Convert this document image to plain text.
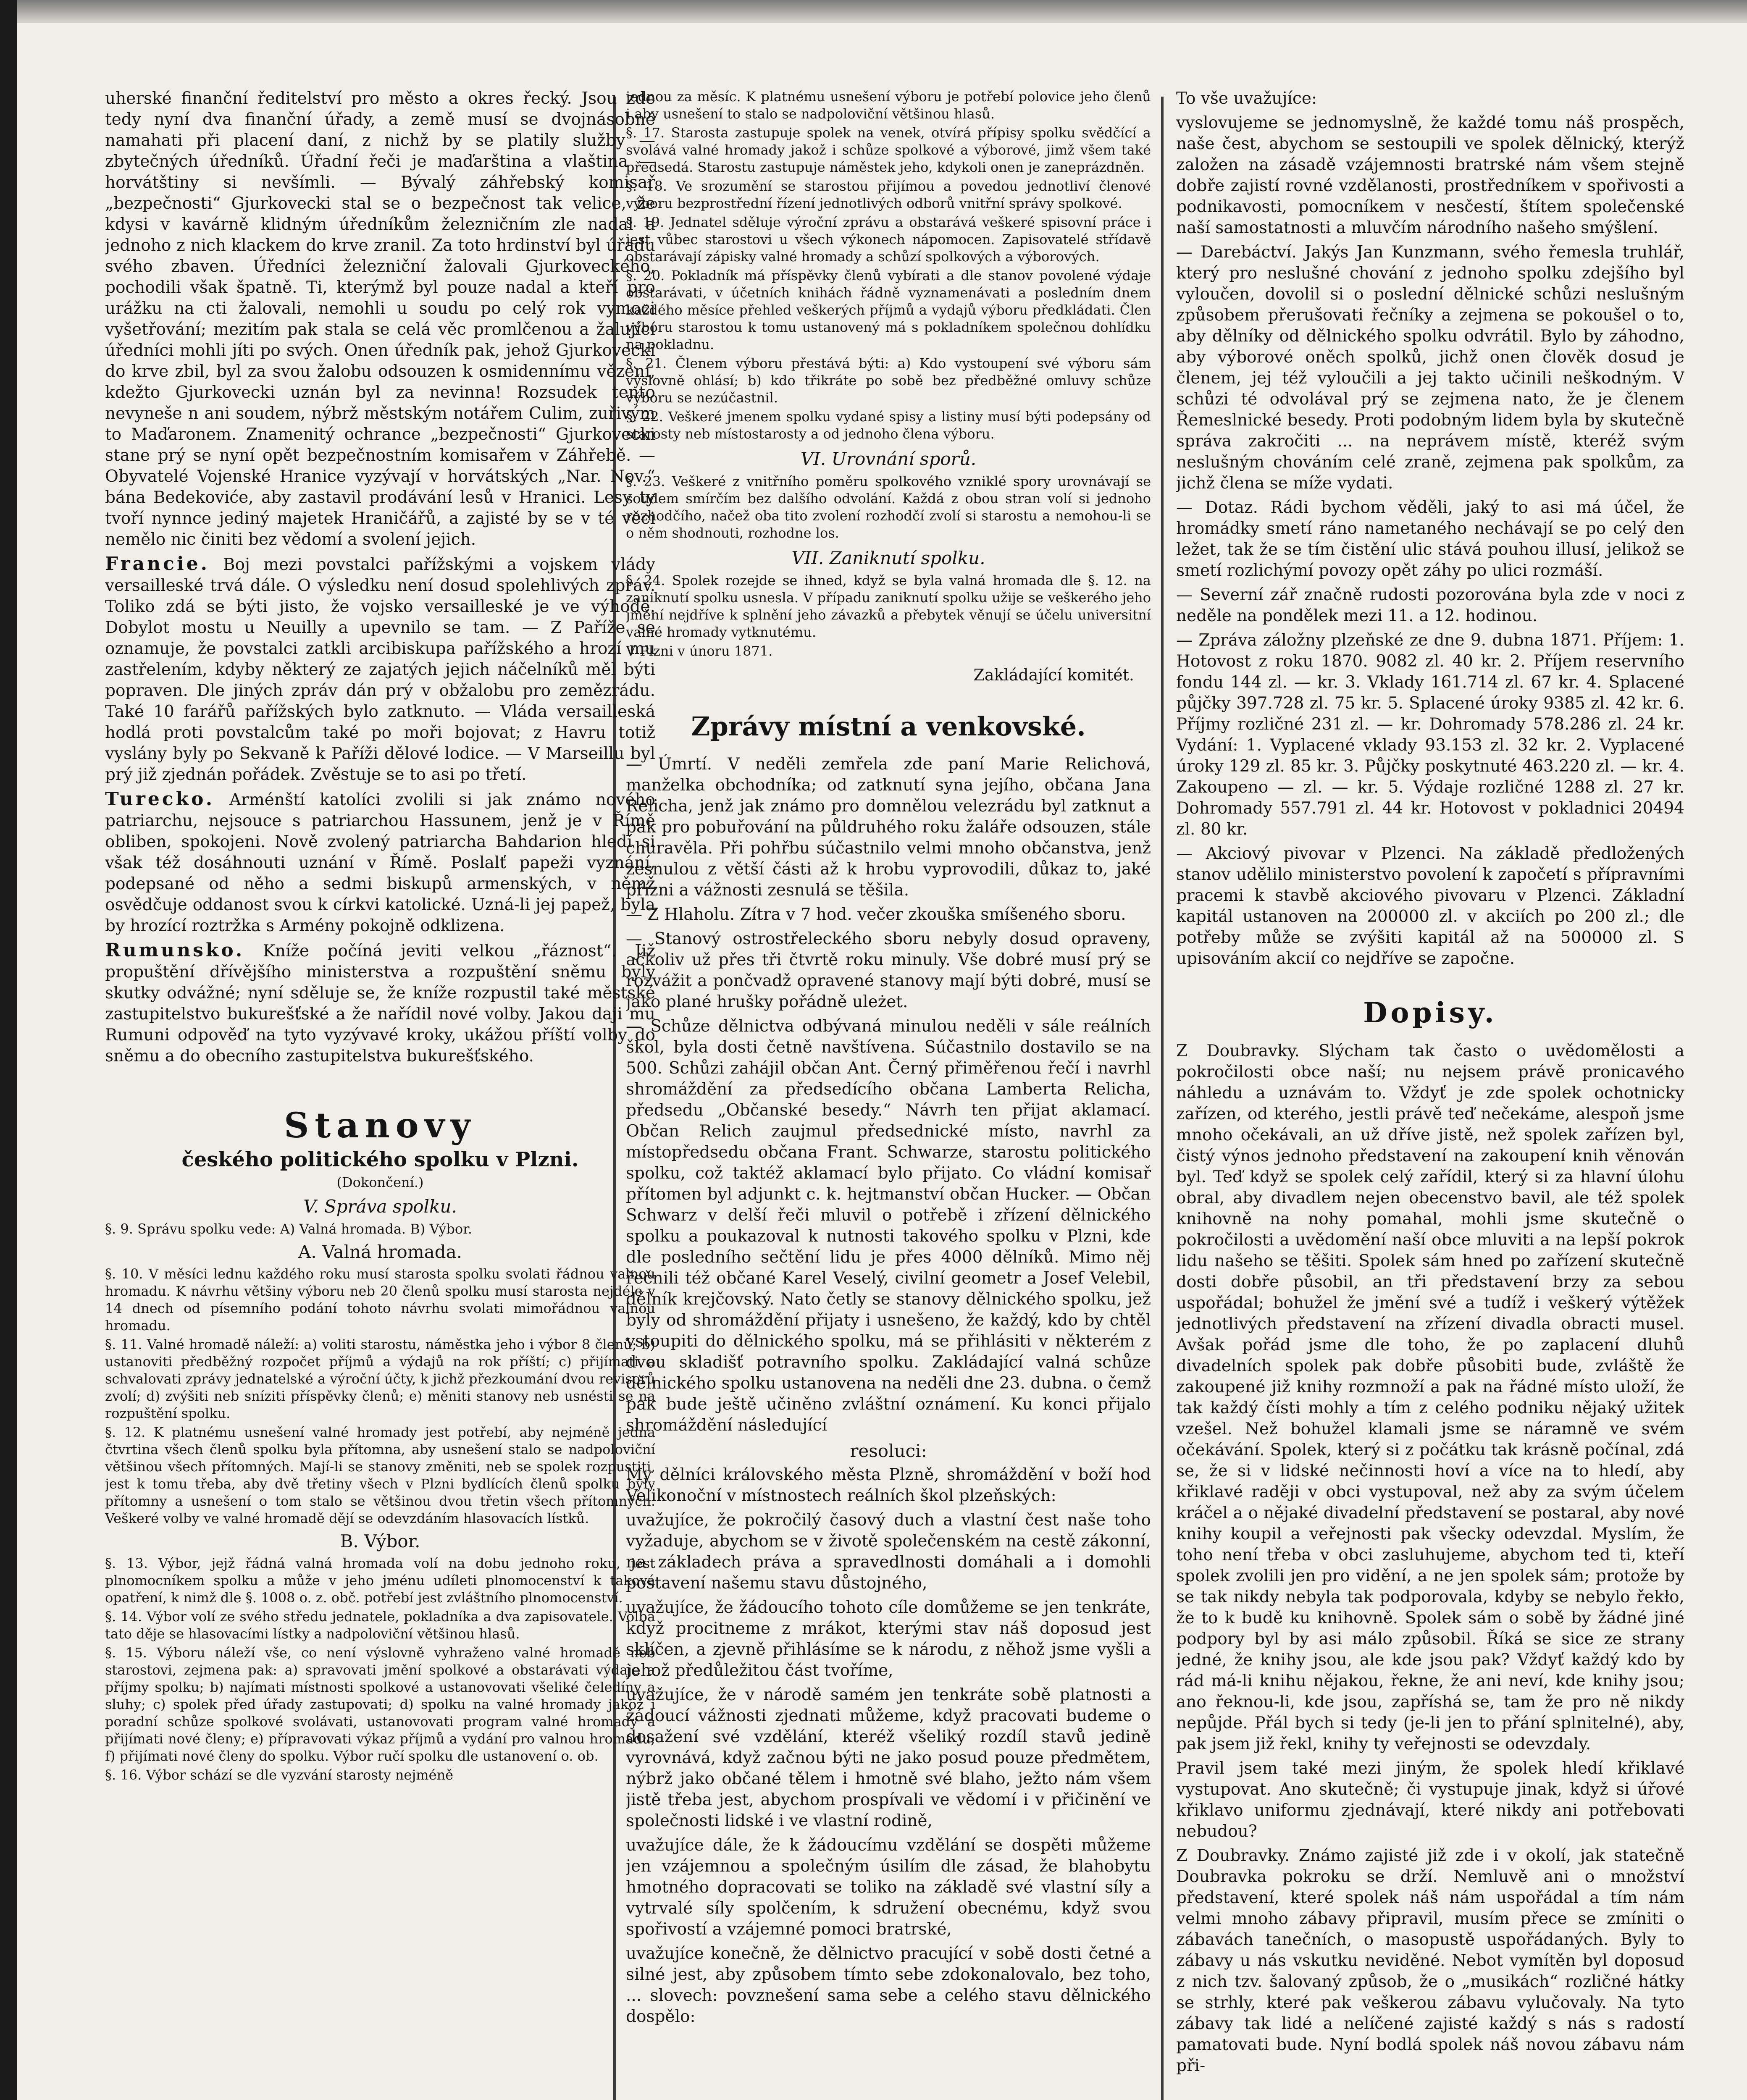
uherské finanční ředitelství pro město a okres řecký. Jsou zde tedy nyní dva finanční úřady, a země musí se dvojnásobně namahati při placení daní, z nichž by se platily služby — zbytečných úředníků. Úřadní řeči je maďarština a vlaština — horvátštiny si nevšímli. — Bývalý záhřebský komisař „bezpečnosti“ Gjurkovecki stal se o bezpečnost tak velice, že kdysi v kavárně klidným úředníkům železničním zle nadal a jednoho z nich klackem do krve zranil. Za toto hrdinství byl úřadu svého zbaven. Úředníci železniční žalovali Gjurkoveckého, pochodili však špatně. Ti, kterýmž byl pouze nadal a kteří pro urážku na cti žalovali, nemohli u soudu po celý rok vymoci vyšetřování; mezitím pak stala se celá věc promlčenou a žalující úředníci mohli jíti po svých. Onen úředník pak, jehož Gjurkovecki do krve zbil, byl za svou žalobu odsouzen k osmidennímu vězení, kdežto Gjurkovecki uznán byl za nevinna! Rozsudek tento nevyneše n ani soudem, nýbrž městským notářem Culim, zuřivým to Maďaronem. Znamenitý ochrance „bezpečnosti“ Gjurkovecki stane prý se nyní opět bezpečnostním komisařem v Záhřebě. — Obyvatelé Vojenské Hranice vyzývají v horvátských „Nar. Nov.“ bána Bedekoviće, aby zastavil prodávání lesů v Hranici. Lesy ty tvoří nynnce jediný majetek Hraničářů, a zajisté by se v té věci nemělo nic činiti bez vědomí a svolení jejich.

Francie. Boj mezi povstalci pařížskými a vojskem vlády versailleské trvá dále. O výsledku není dosud spolehlivých zpráv. Toliko zdá se býti jisto, že vojsko versailleské je ve výhodě. Dobylot mostu u Neuilly a upevnilo se tam. — Z Paříže se oznamuje, že povstalci zatkli arcibiskupa pařížského a hrozí mu zastřelením, kdyby některý ze zajatých jejich náčelníků měl býti popraven. Dle jiných zpráv dán prý v obžalobu pro zemězrádu. Také 10 farářů pařížských bylo zatknuto. — Vláda versailleská hodlá proti povstalcům také po moři bojovat; z Havru totiž vyslány byly po Sekvaně k Paříži dělové lodice. — V Marseillu byl prý již zjednán pořádek. Zvěstuje se to asi po třetí.

Turecko. Arménští katolíci zvolili si jak známo nového patriarchu, nejsouce s patriarchou Hassunem, jenž je v Římě obliben, spokojeni. Nově zvolený patriarcha Bahdarion hledí si však též dosáhnouti uznání v Římě. Poslalť papeži vyznání, podepsané od něho a sedmi biskupů armenských, v němž osvědčuje oddanost svou k církvi katolické. Uzná-li jej papež, byla by hrozící roztržka s Armény pokojně odklizena.

Rumunsko. Kníže počíná jeviti velkou „řáznost“. Již propuštění dřívějšího ministerstva a rozpuštění sněmu byly skutky odvážné; nyní sděluje se, že kníže rozpustil také městské zastupitelstvo bukurešťské a že nařídil nové volby. Jakou daji mu Rumuni odpověď na tyto vyzývavé kroky, ukážou příští volby do sněmu a do obecního zastupitelstva bukurešťského.

Stanovy
českého politického spolku v Plzni.
(Dokončení.)
V. Správa spolku.

§. 9. Správu spolku vede: A) Valná hromada. B) Výbor.

A. Valná hromada.

§. 10. V měsíci lednu každého roku musí starosta spolku svolati řádnou valnou hromadu. K návrhu většiny výboru neb 20 členů spolku musí starosta nejdéle v 14 dnech od písemního podání tohoto návrhu svolati mimořádnou valnou hromadu.

§. 11. Valné hromadě náleží: a) voliti starostu, náměstka jeho i výbor 8 členů; b) ustanoviti předběžný rozpočet příjmů a výdajů na rok příští; c) přijímati a schvalovati zprávy jednatelské a výroční účty, k jichž přezkoumání dvou revisorů zvolí; d) zvýšiti neb sníziti příspěvky členů; e) měniti stanovy neb usnésti se na rozpuštění spolku.

§. 12. K platnému usnešení valné hromady jest potřebí, aby nejméně jedna čtvrtina všech členů spolku byla přítomna, aby usnešení stalo se nadpoloviční většinou všech přítomných. Mají-li se stanovy změniti, neb se spolek rozpustiti, jest k tomu třeba, aby dvě třetiny všech v Plzni bydlících členů spolku byly přítomny a usnešení o tom stalo se většinou dvou třetin všech přítomných. Veškeré volby ve valné hromadě dějí se odevzdáním hlasovacích lístků.

B. Výbor.

§. 13. Výbor, jejž řádná valná hromada volí na dobu jednoho roku, jest plnomocníkem spolku a může v jeho jménu udíleti plnomocenství k taková opatření, k nimž dle §. 1008 o. z. obč. potřebí jest zvláštního plnomocenství.

§. 14. Výbor volí ze svého středu jednatele, pokladníka a dva zapisovatele. Volba tato děje se hlasovacími lístky a nadpoloviční většinou hlasů.

§. 15. Výboru náleží vše, co není výslovně vyhraženo valné hromadě neb starostovi, zejmena pak: a) spravovati jmění spolkové a obstarávati výdaje a příjmy spolku; b) najímati místnosti spolkové a ustanovovati všeliké čeledíny a sluhy; c) spolek před úřady zastupovati; d) spolku na valné hromady jakož i poradní schůze spolkové svolávati, ustanovovati program valné hromady a přijímati nové členy; e) přípravovati výkaz příjmů a vydání pro valnou hromadu; f) přijímati nové členy do spolku. Výbor ručí spolku dle ustanovení o. ob.

§. 16. Výbor schází se dle vyzvání starosty nejméně

jednou za měsíc. K platnému usnešení výboru je potřebí polovice jeho členů i aby usnešení to stalo se nadpoloviční většinou hlasů.

§. 17. Starosta zastupuje spolek na venek, otvírá přípisy spolku svědčící a svolává valné hromady jakož i schůze spolkové a výborové, jimž všem také předsedá. Starostu zastupuje náměstek jeho, kdykoli onen je zaneprázdněn.

§. 18. Ve srozumění se starostou přijímou a povedou jednotliví členové výboru bezprostřední řízení jednotlivých odborů vnitřní správy spolkové.

§. 19. Jednatel sděluje výroční zprávu a obstarává veškeré spisovní práce i jest vůbec starostovi u všech výkonech nápomocen. Zapisovatelé střídavě obstarávají zápisky valné hromady a schůzí spolkových a výborových.

§. 20. Pokladník má příspěvky členů vybírati a dle stanov povolené výdaje obstarávati, v účetních knihách řádně vyznamenávati a posledním dnem každého měsíce přehled veškerých příjmů a vydajů výboru předkládati. Člen výboru starostou k tomu ustanovený má s pokladníkem společnou dohlídku na pokladnu.

§. 21. Členem výboru přestává býti: a) Kdo vystoupení své výboru sám výslovně ohlásí; b) kdo třikráte po sobě bez předběžné omluvy schůze výboru se nezúčastnil.

§. 22. Veškeré jmenem spolku vydané spisy a listiny musí býti podepsány od starosty neb místostarosty a od jednoho člena výboru.

VI. Urovnání sporů.

§. 23. Veškeré z vnitřního poměru spolkového vzniklé spory urovnávají se soudem smírčím bez dalšího odvolání. Každá z obou stran volí si jednoho rozhodčího, načež oba tito zvolení rozhodčí zvolí si starostu a nemohou-li se o něm shodnouti, rozhodne los.

VII. Zaniknutí spolku.

§. 24. Spolek rozejde se ihned, když se byla valná hromada dle §. 12. na zaniknutí spolku usnesla. V případu zaniknutí spolku užije se veškerého jeho jmění nejdříve k splnění jeho závazků a přebytek věnují se účelu universitní valné hromady vytknutému.

V Plzni v únoru 1871.

Zakládající komitét.
Zprávy místní a venkovské.

— Úmrtí. V neděli zemřela zde paní Marie Relichová, manželka obchodníka; od zatknutí syna jejího, občana Jana Relicha, jenž jak známo pro domnělou velezrádu byl zatknut a pak pro pobuřování na půldruhého roku žaláře odsouzen, stále churavěla. Při pohřbu súčastnilo velmi mnoho občanstva, jenž zesnulou z větší části až k hrobu vyprovodili, důkaz to, jaké přízni a vážnosti zesnulá se těšila.

— Z Hlaholu. Zítra v 7 hod. večer zkouška smíšeného sboru.

— Stanový ostrostřeleckého sboru nebyly dosud opraveny, ačkoliv už přes tři čtvrtě roku minuly. Vše dobré musí prý se rozvážit a pončvadž opravené stanovy mají býti dobré, musí se jako plané hrušky pořádně uleżet.

— Schůze dělnictva odbývaná minulou neděli v sále reálních škol, byla dosti četně navštívena. Súčastnilo dostavilo se na 500. Schůzi zahájil občan Ant. Černý přiměřenou řečí i navrhl shromáždění za předsedícího občana Lamberta Relicha, předsedu „Občanské besedy.“ Návrh ten přijat aklamací. Občan Relich zaujmul předsednické místo, navrhl za místopředsedu občana Frant. Schwarze, starostu politického spolku, což taktéž aklamací bylo přijato. Co vládní komisař přítomen byl adjunkt c. k. hejtmanství občan Hucker. — Občan Schwarz v delší řeči mluvil o potřebě i zřízení dělnického spolku a poukazoval k nutnosti takového spolku v Plzni, kde dle posledního sečtění lidu je přes 4000 dělníků. Mimo něj řečnili též občané Karel Veselý, civilní geometr a Josef Velebil, dělník krejčovský. Nato četly se stanovy dělnického spolku, jež byly od shromáždění přijaty i usnešeno, že každý, kdo by chtěl vstoupiti do dělnického spolku, má se přihlásiti v některém z dvou skladišť potravního spolku. Zakládající valná schůze dělnického spolku ustanovena na neděli dne 23. dubna. o čemž pak bude ještě učiněno zvláštní oznámení. Ku konci přijalo shromáždění následující

resoluci:

My dělníci královského města Plzně, shromáždění v boží hod Velikonoční v místnostech reálních škol plzeňských:

uvažujíce, že pokročilý časový duch a vlastní čest naše toho vyžaduje, abychom se v životě společenském na cestě zákonní, na základech práva a spravedlnosti domáhali a i domohli postavení našemu stavu důstojného,

uvažujíce, že žádoucího tohoto cíle domůžeme se jen tenkráte, když procitneme z mrákot, kterými stav náš doposud jest sklíčen, a zjevně přihlásíme se k národu, z něhož jsme vyšli a jehož předůležitou část tvoříme,

uvažujíce, že v národě samém jen tenkráte sobě platnosti a žádoucí vážnosti zjednati můžeme, když pracovati budeme o dosažení své vzdělání, kteréž všeliký rozdíl stavů jedině vyrovnává, když začnou býti ne jako posud pouze předmětem, nýbrž jako občané tělem i hmotně své blaho, ježto nám všem jistě třeba jest, abychom prospívali ve vědomí i v přičinění ve společnosti lidské i ve vlastní rodině,

uvažujíce dále, že k žádoucímu vzdělání se dospěti můžeme jen vzájemnou a společným úsilím dle zásad, že blahobytu hmotného dopracovati se toliko na základě své vlastní síly a vytrvalé síly spolčením, k sdružení obecnému, když svou spořivostí a vzájemné pomoci bratrské,

uvažujíce konečně, že dělnictvo pracující v sobě dosti četné a silné jest, aby způsobem tímto sebe zdokonalovalo, bez toho, ... slovech: povznešení sama sebe a celého stavu dělnického dospělo:

To vše uvažujíce:

vyslovujeme se jednomyslně, že každé tomu náš prospěch, naše čest, abychom se sestoupili ve spolek dělnický, kterýž založen na zásadě vzájemnosti bratrské nám všem stejně dobře zajistí rovné vzdělanosti, prostředníkem v spořivosti a podnikavosti, pomocníkem v nesčestí, štítem společenské naší samostatnosti a mluvčím národního našeho smýšlení.

— Darebáctví. Jakýs Jan Kunzmann, svého řemesla truhlář, který pro neslušné chování z jednoho spolku zdejšího byl vyloučen, dovolil si o poslední dělnické schůzi neslušným způsobem přerušovati řečníky a zejmena se pokoušel o to, aby dělníky od dělnického spolku odvrátil. Bylo by záhodno, aby výborové oněch spolků, jichž onen člověk dosud je členem, jej též vyloučili a jej takto učinili neškodným. V schůzi té odvolával prý se zejmena nato, že je členem Řemeslnické besedy. Proti podobným lidem byla by skutečně správa zakročiti ... na neprávem místě, kteréž svým neslušným chováním celé zraně, zejmena pak spolkům, za jichž člena se míže vydati.

— Dotaz. Rádi bychom věděli, jaký to asi má účel, že hromádky smetí ráno nametaného nechávají se po celý den ležet, tak že se tím čistění ulic stává pouhou illusí, jelikož se smetí rozlichýmí povozy opět záhy po ulici rozmáší.

— Severní zář značně rudosti pozorována byla zde v noci z neděle na pondělek mezi 11. a 12. hodinou.

— Zpráva záložny plzeňské ze dne 9. dubna 1871. Příjem: 1. Hotovost z roku 1870. 9082 zl. 40 kr. 2. Příjem reservního fondu 144 zl. — kr. 3. Vklady 161.714 zl. 67 kr. 4. Splacené půjčky 397.728 zl. 75 kr. 5. Splacené úroky 9385 zl. 42 kr. 6. Příjmy rozličné 231 zl. — kr. Dohromady 578.286 zl. 24 kr. Vydání: 1. Vyplacené vklady 93.153 zl. 32 kr. 2. Vyplacené úroky 129 zl. 85 kr. 3. Půjčky poskytnuté 463.220 zl. — kr. 4. Zakoupeno — zl. — kr. 5. Výdaje rozličné 1288 zl. 27 kr. Dohromady 557.791 zl. 44 kr. Hotovost v pokladnici 20494 zl. 80 kr.

— Akciový pivovar v Plzenci. Na základě předložených stanov udělilo ministerstvo povolení k započetí s přípravními pracemi k stavbě akciového pivovaru v Plzenci. Základní kapitál ustanoven na 200000 zl. v akciích po 200 zl.; dle potřeby může se zvýšiti kapitál až na 500000 zl. S upisováním akcií co nejdříve se započne.

Dopisy.

Z Doubravky. Slýcham tak často o uvědomělosti a pokročilosti obce naší; nu nejsem právě pronicavého náhledu a uznávám to. Vždyť je zde spolek ochotnicky zařízen, od kterého, jestli právě teď nečekáme, alespoň jsme mnoho očekávali, an už dříve jistě, než spolek zařízen byl, čistý výnos jednoho představení na zakoupení knih věnován byl. Teď když se spolek celý zařídil, který si za hlavní úlohu obral, aby divadlem nejen obecenstvo bavil, ale též spolek knihovně na nohy pomahal, mohli jsme skutečně o pokročilosti a uvědomění naší obce mluviti a na lepší pokrok lidu našeho se těšiti. Spolek sám hned po zařízení skutečně dosti dobře působil, an tři představení brzy za sebou uspořádal; bohužel že jmění své a tudíž i veškerý výtěžek jednotlivých představení na zřízení divadla obracti musel. Avšak pořád jsme dle toho, že po zaplacení dluhů divadelních spolek pak dobře působiti bude, zvláště že zakoupené již knihy rozmnoží a pak na řádné místo uloží, že tak každý čísti mohly a tím z celého podniku nějaký užitek vzešel. Než bohužel klamali jsme se náramně ve svém očekávání. Spolek, který si z počátku tak krásně počínal, zdá se, že si v lidské nečinnosti hoví a více na to hledí, aby křiklavé raději v obci vystupoval, než aby za svým účelem kráčel a o nějaké divadelní představení se postaral, aby nové knihy koupil a veřejnosti pak všecky odevzdal. Myslím, že toho není třeba v obci zasluhujeme, abychom ted ti, kteří spolek zvolili jen pro vidění, a ne jen spolek sám; protože by se tak nikdy nebyla tak podporovala, kdyby se nebylo řekło, že to k budě ku knihovně. Spolek sám o sobě by žádné jiné podpory byl by asi málo způsobil. Říká se sice ze strany jedné, že knihy jsou, ale kde jsou pak? Vždyť každý kdo by rád má-li knihu nějakou, řekne, že ani neví, kde knihy jsou; ano řeknou-li, kde jsou, zapříshá se, tam že pro ně nikdy nepůjde. Přál bych si tedy (je-li jen to přání splnitelné), aby, pak jsem již řekl, knihy ty veřejnosti se odevzdaly.

Pravil jsem také mezi jiným, že spolek hledí křiklavé vystupovat. Ano skutečně; či vystupuje jinak, když si úřové křiklavo uniformu zjednávají, které nikdy ani potřebovati nebudou?

Z Doubravky. Známo zajisté již zde i v okolí, jak statečně Doubravka pokroku se drží. Nemluvě ani o množství představení, které spolek náš nám uspořádal a tím nám velmi mnoho zábavy připravil, musím přece se zmíniti o zábavách tanečních, o masopustě uspořádaných. Byly to zábavy u nás vskutku neviděné. Nebot vymítěn byl doposud z nich tzv. šalovaný způsob, že o „musikách“ rozličné hátky se strhly, které pak veškerou zábavu vylučovaly. Na tyto zábavy tak lidé a nelíčené zajisté každý s nás s radostí pamatovati bude. Nyní bodlá spolek náš novou zábavu nám při-
